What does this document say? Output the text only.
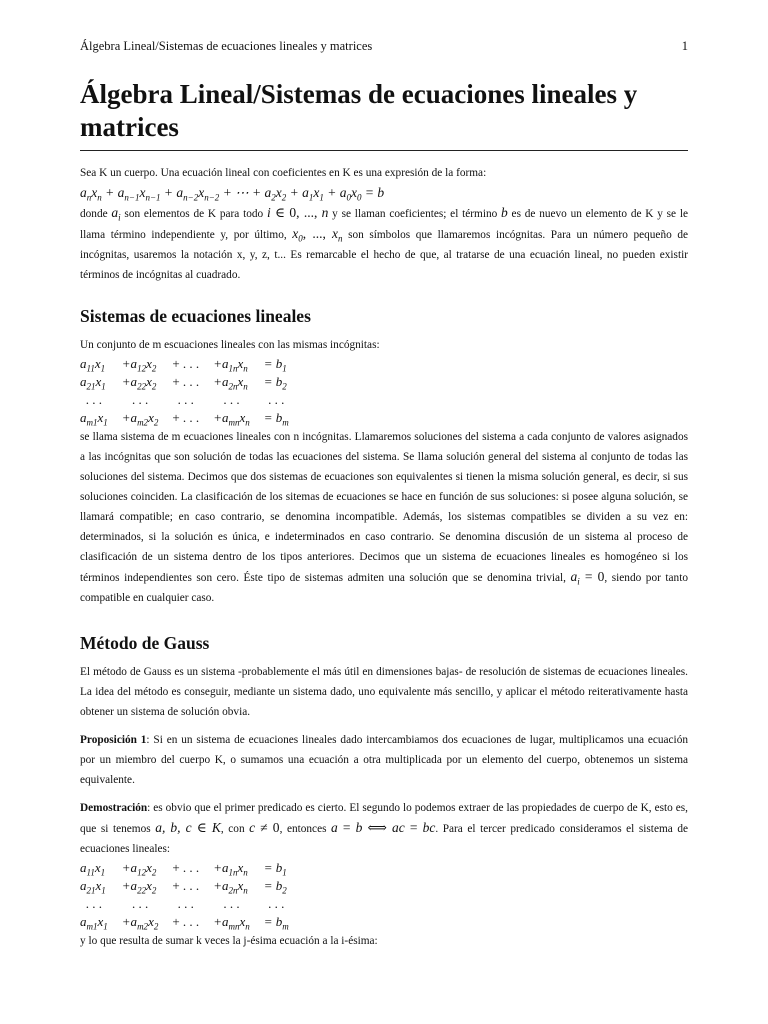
Álgebra Lineal/Sistemas de ecuaciones lineales y matrices	1
Álgebra Lineal/Sistemas de ecuaciones lineales y matrices

Sea K un cuerpo. Una ecuación lineal con coeficientes en K es una expresión de la forma:

$a_nx_n + a_{n-1}x_{n-1} + a_{n-2}x_{n-2}$ + ⋯ + $a_2x_2 + a_1x_1 + a_0x_0 = b$

donde $a_i$ son elementos de K para todo i ∈ 0, ..., n y se llaman coeficientes; el término b es de nuevo un elemento de K y se le llama término independiente y, por último, $x_0$, ..., $x_n$ son símbolos que llamaremos incógnitas. Para un número pequeño de incógnitas, usaremos la notación x, y, z, t... Es remarcable el hecho de que, al tratarse de una ecuación lineal, no pueden existir términos de incógnitas al cuadrado.

Sistemas de ecuaciones lineales

Un conjunto de m escuaciones lineales con las mismas incógnitas:

$a_{11}x_1$	$+a_{12}x_2$	+ . . .	$+a_{1n}x_n$	= $b_1$
$a_{21}x_1$	$+a_{22}x_2$	+ . . .	$+a_{2n}x_n$	= $b_2$
. . .	. . .	. . .	. . .	. . .
$a_{m1}x_1$	$+a_{m2}x_2$	+ . . .	$+a_{mn}x_n$	= $b_m$

se llama sistema de m ecuaciones lineales con n incógnitas. Llamaremos soluciones del sistema a cada conjunto de valores asignados a las incógnitas que son solución de todas las ecuaciones del sistema. Se llama solución general del sistema al conjunto de todas las soluciones del sistema. Decimos que dos sistemas de ecuaciones son equivalentes si tienen la misma solución general, es decir, si sus soluciones coinciden. La clasificación de los sitemas de ecuaciones se hace en función de sus soluciones: si posee alguna solución, se llamará compatible; en caso contrario, se denomina incompatible. Además, los sistemas compatibles se dividen a su vez en: determinados, si la solución es única, e indeterminados en caso contrario. Se denomina discusión de un sistema al proceso de clasificación de un sistema dentro de los tipos anteriores. Decimos que un sistema de ecuaciones lineales es homogéneo si los términos independientes son cero. Éste tipo de sistemas admiten una solución que se denomina trivial, $a_i = 0$, siendo por tanto compatible en cualquier caso.

Método de Gauss

El método de Gauss es un sistema -probablemente el más útil en dimensiones bajas- de resolución de sistemas de ecuaciones lineales. La idea del método es conseguir, mediante un sistema dado, uno equivalente más sencillo, y aplicar el método reiterativamente hasta obtener un sistema de solución obvia.

Proposición 1: Si en un sistema de ecuaciones lineales dado intercambiamos dos ecuaciones de lugar, multiplicamos una ecuación por un miembro del cuerpo K, o sumamos una ecuación a otra multiplicada por un elemento del cuerpo, obtenemos un sistema equivalente.

Demostración: es obvio que el primer predicado es cierto. El segundo lo podemos extraer de las propiedades de cuerpo de K, esto es, que si tenemos a, b, c ∈ K, con c ≠ 0, entonces a = b ⟺ ac = bc. Para el tercer predicado consideramos el sistema de ecuaciones lineales:

$a_{11}x_1$	$+a_{12}x_2$	+ . . .	$+a_{1n}x_n$	= $b_1$
$a_{21}x_1$	$+a_{22}x_2$	+ . . .	$+a_{2n}x_n$	= $b_2$
. . .	. . .	. . .	. . .	. . .
$a_{m1}x_1$	$+a_{m2}x_2$	+ . . .	$+a_{mn}x_n$	= $b_m$

y lo que resulta de sumar k veces la j-ésima ecuación a la i-ésima:
